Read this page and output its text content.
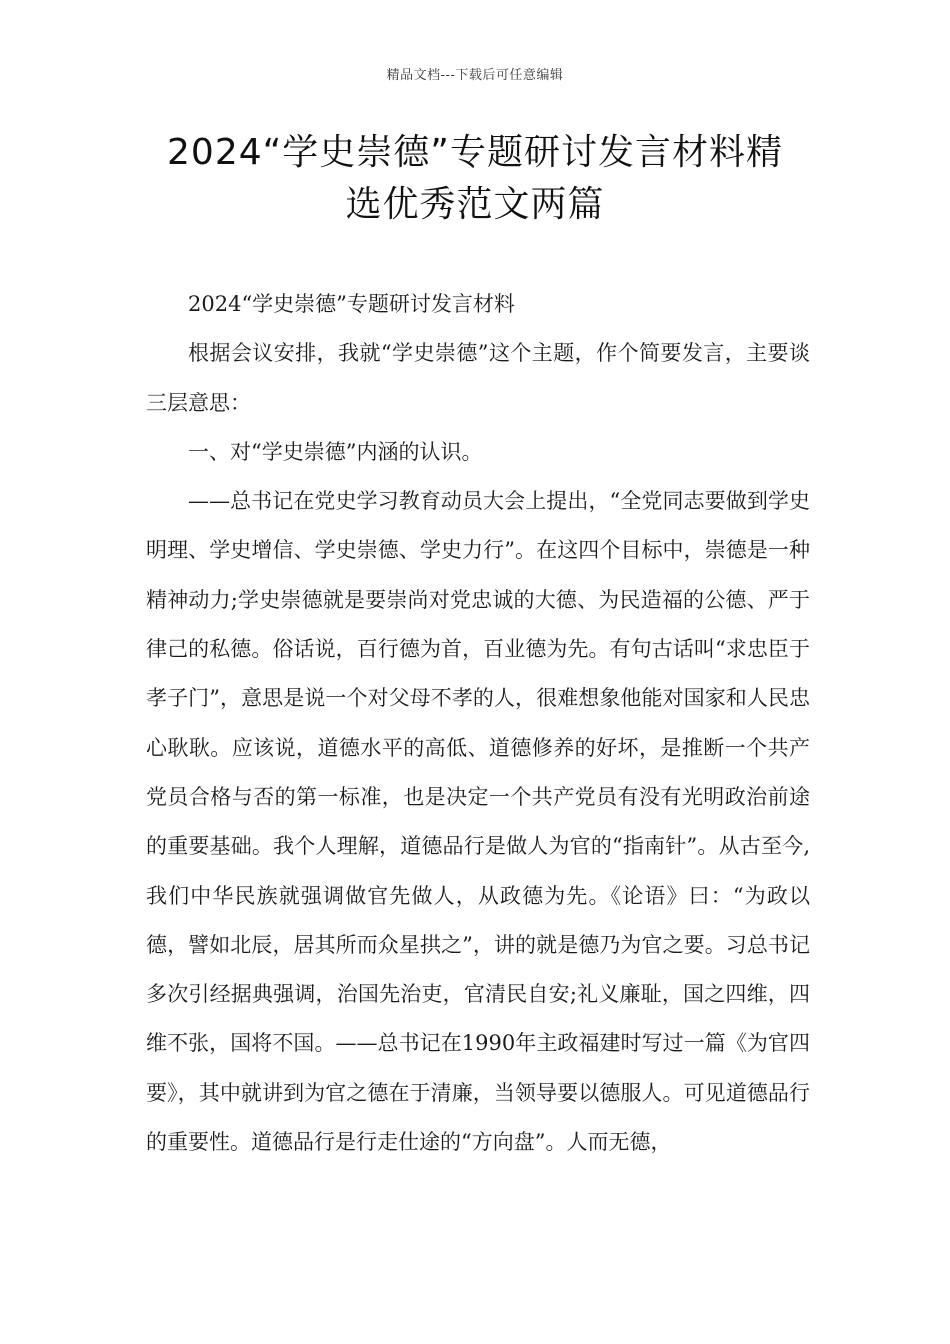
精品文档---下载后可任意编辑
2024“学史崇德”专题研讨发言材料精
选优秀范文两篇

2024“学史崇德”专题研讨发言材料

根据会议安排，我就“学史崇德”这个主题，作个简要发言，主要谈三层意思：

一、对“学史崇德”内涵的认识。

——总书记在党史学习教育动员大会上提出，“全党同志要做到学史明理、学史增信、学史崇德、学史力行”。在这四个目标中，崇德是一种精神动力;学史崇德就是要崇尚对党忠诚的大德、为民造福的公德、严于律己的私德。俗话说，百行德为首，百业德为先。有句古话叫“求忠臣于孝子门”，意思是说一个对父母不孝的人，很难想象他能对国家和人民忠心耿耿。应该说，道德水平的高低、道德修养的好坏，是推断一个共产党员合格与否的第一标准，也是决定一个共产党员有没有光明政治前途的重要基础。我个人理解，道德品行是做人为官的“指南针”。从古至今,我们中华民族就强调做官先做人，从政德为先。《论语》曰：“为政以德，譬如北辰，居其所而众星拱之”，讲的就是德乃为官之要。习总书记多次引经据典强调，治国先治吏，官清民自安;礼义廉耻，国之四维，四维不张，国将不国。——总书记在1990年主政福建时写过一篇《为官四要》，其中就讲到为官之德在于清廉，当领导要以德服人。可见道德品行的重要性。道德品行是行走仕途的“方向盘”。人而无德，
